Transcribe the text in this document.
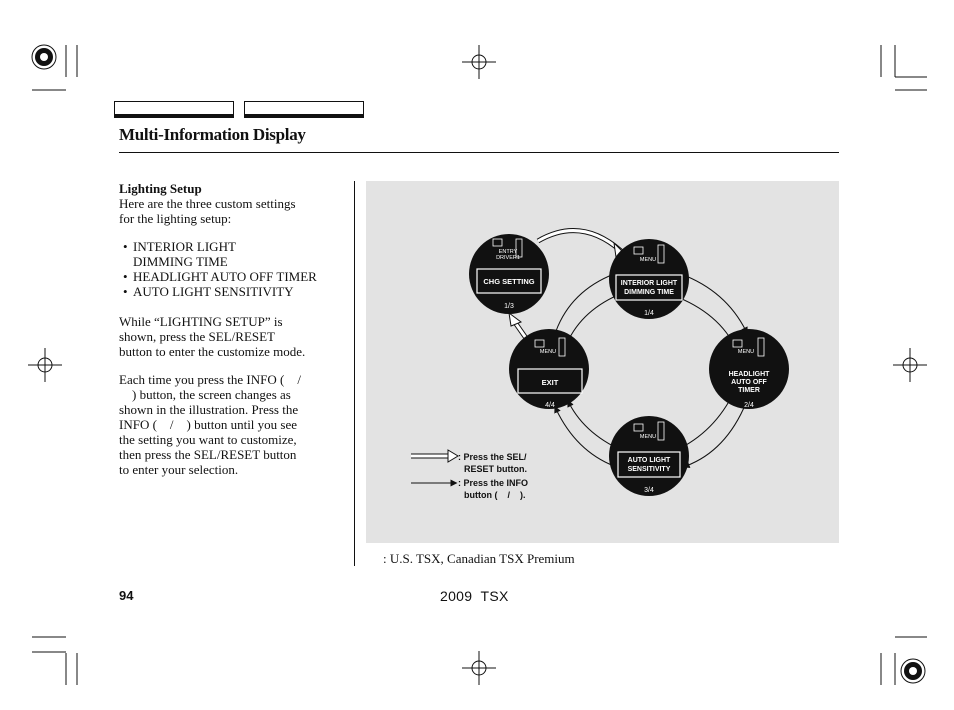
Multi-Information Display
Lighting Setup
Here are the three custom settings
for the lighting setup:
• INTERIOR LIGHT
DIMMING TIME
• HEADLIGHT AUTO OFF TIMER
• AUTO LIGHT SENSITIVITY
While “LIGHTING SETUP” is
shown, press the SEL/RESET
button to enter the customize mode.
Each time you press the INFO (    /
) button, the screen changes as
shown in the illustration. Press the
INFO (    /    ) button until you see
the setting you want to customize,
then press the SEL/RESET button
to enter your selection.
CHG SETTING
1/3
ENTRY
DRIVER1
INTERIOR LIGHT
DIMMING TIME
1/4
MENU
HEADLIGHT
AUTO OFF
TIMER
2/4
MENU
AUTO LIGHT
SENSITIVITY
3/4
MENU
EXIT
4/4
MENU
: Press the SEL/
RESET button.
: Press the INFO
button (    /    ).
: U.S. TSX, Canadian TSX Premium
94	2009  TSX
